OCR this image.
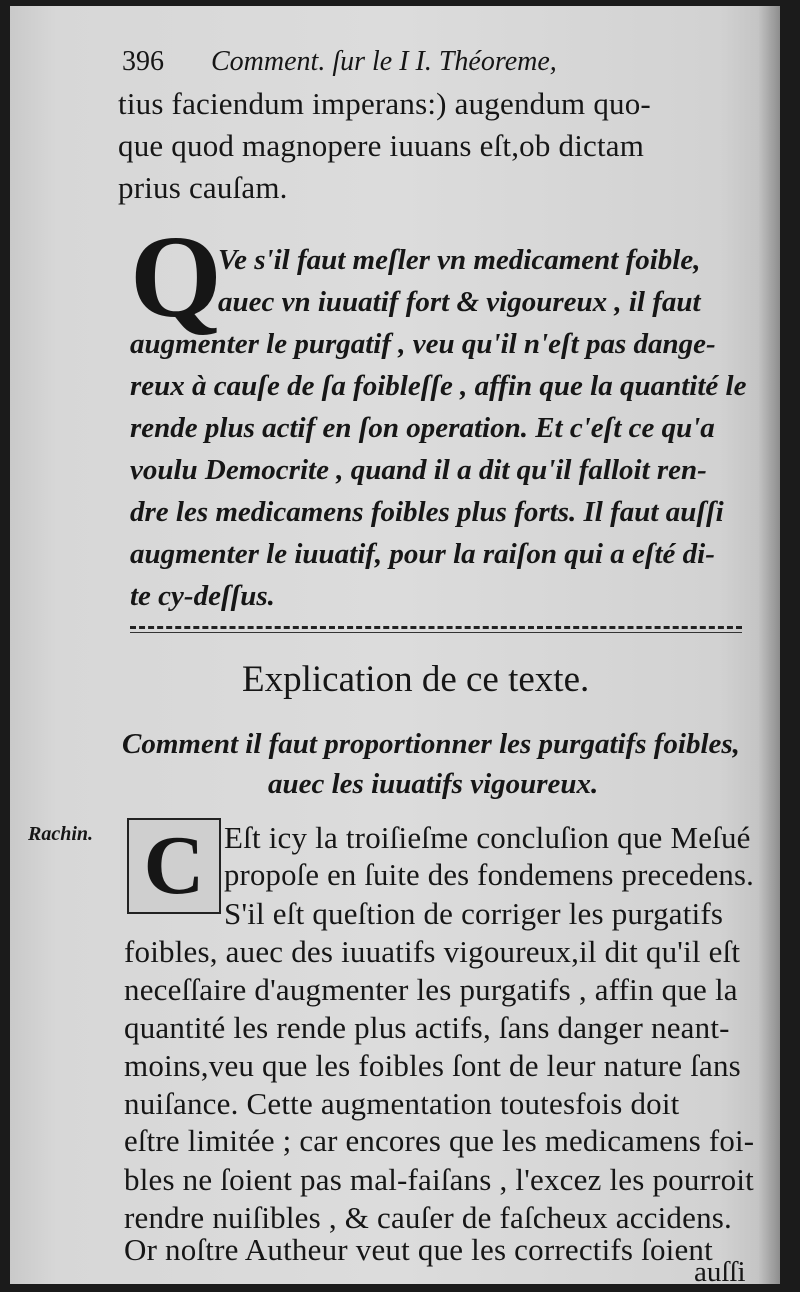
396 Comment. ſur le I I. Théoreme,
tius faciendum imperans:) augendum quo-
que quod magnopere iuuans eſt,ob dictam
prius cauſam.
Q
Ve s'il faut meſler vn medicament foible,
auec vn iuuatif fort & vigoureux , il faut
augmenter le purgatif , veu qu'il n'eſt pas dange-
reux à cauſe de ſa foibleſſe , affin que la quantité le
rende plus actif en ſon operation. Et c'eſt ce qu'a
voulu Democrite , quand il a dit qu'il falloit ren-
dre les medicamens foibles plus forts. Il faut auſſi
augmenter le iuuatif, pour la raiſon qui a eſté di-
te cy-deſſus.
Explication de ce texte.
Comment il faut proportionner les purgatifs foibles,
auec les iuuatifs vigoureux.
Rachin. C Eſt icy la troiſieſme concluſion que Meſué
propoſe en ſuite des fondemens precedens.
S'il eſt queſtion de corriger les purgatifs
foibles, auec des iuuatifs vigoureux,il dit qu'il eſt
neceſſaire d'augmenter les purgatifs , affin que la
quantité les rende plus actifs, ſans danger neant-
moins,veu que les foibles ſont de leur nature ſans
nuiſance. Cette augmentation toutesfois doit
eſtre limitée ; car encores que les medicamens foi-
bles ne ſoient pas mal-faiſans , l'excez les pourroit
rendre nuiſibles , & cauſer de faſcheux accidens.
Or noſtre Autheur veut que les correctifs ſoient
auſſi
